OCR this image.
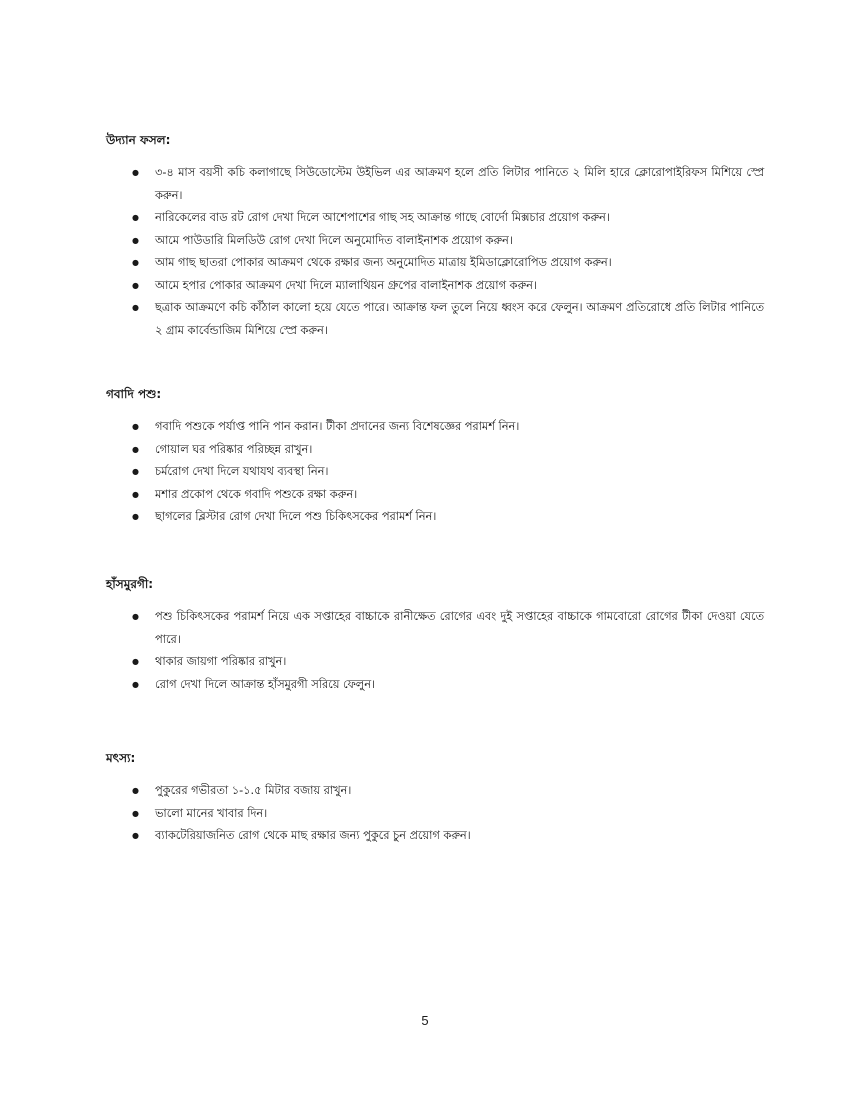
উদ্যান ফসল:
● ৩-৪ মাস বয়সী কচি কলাগাছে সিউডোস্টেম উইভিল এর আক্রমণ হলে প্রতি লিটার পানিতে ২ মিলি হারে ক্লোরোপাইরিফস মিশিয়ে স্প্রে করুন।
● নারিকেলের বাড রট রোগ দেখা দিলে আশেপাশের গাছ সহ আক্রান্ত গাছে বোর্দো মিক্সচার প্রয়োগ করুন।
● আমে পাউডারি মিলডিউ রোগ দেখা দিলে অনুমোদিত বালাইনাশক প্রয়োগ করুন।
● আম গাছ ছাতরা পোকার আক্রমণ থেকে রক্ষার জন্য অনুমোদিত মাত্রায় ইমিডাক্লোরোপিড প্রয়োগ করুন।
● আমে হপার পোকার আক্রমণ দেখা দিলে ম্যালাথিয়ন গ্রুপের বালাইনাশক প্রয়োগ করুন।
● ছত্রাক আক্রমণে কচি কাঁঠাল কালো হয়ে যেতে পারে। আক্রান্ত ফল তুলে নিয়ে ধ্বংস করে ফেলুন। আক্রমণ প্রতিরোধে প্রতি লিটার পানিতে ২ গ্রাম কার্বেন্ডাজিম মিশিয়ে স্প্রে করুন।
গবাদি পশু:
● গবাদি পশুকে পর্যাপ্ত পানি পান করান। টীকা প্রদানের জন্য বিশেষজ্ঞের পরামর্শ নিন।
● গোয়াল ঘর পরিষ্কার পরিচ্ছন্ন রাখুন।
● চর্মরোগ দেখা দিলে যথাযথ ব্যবস্থা নিন।
● মশার প্রকোপ থেকে গবাদি পশুকে রক্ষা করুন।
● ছাগলের ব্লিস্টার রোগ দেখা দিলে পশু চিকিৎসকের পরামর্শ নিন।
হাঁসমুরগী:
● পশু চিকিৎসকের পরামর্শ নিয়ে এক সপ্তাহের বাচ্চাকে রানীক্ষেত রোগের এবং দুই সপ্তাহের বাচ্চাকে গামবোরো রোগের টীকা দেওয়া যেতে পারে।
● থাকার জায়গা পরিষ্কার রাখুন।
● রোগ দেখা দিলে আক্রান্ত হাঁসমুরগী সরিয়ে ফেলুন।
মৎস্য:
● পুকুরের গভীরতা ১-১.৫ মিটার বজায় রাখুন।
● ভালো মানের খাবার দিন।
● ব্যাকটেরিয়াজনিত রোগ থেকে মাছ রক্ষার জন্য পুকুরে চুন প্রয়োগ করুন।
5
